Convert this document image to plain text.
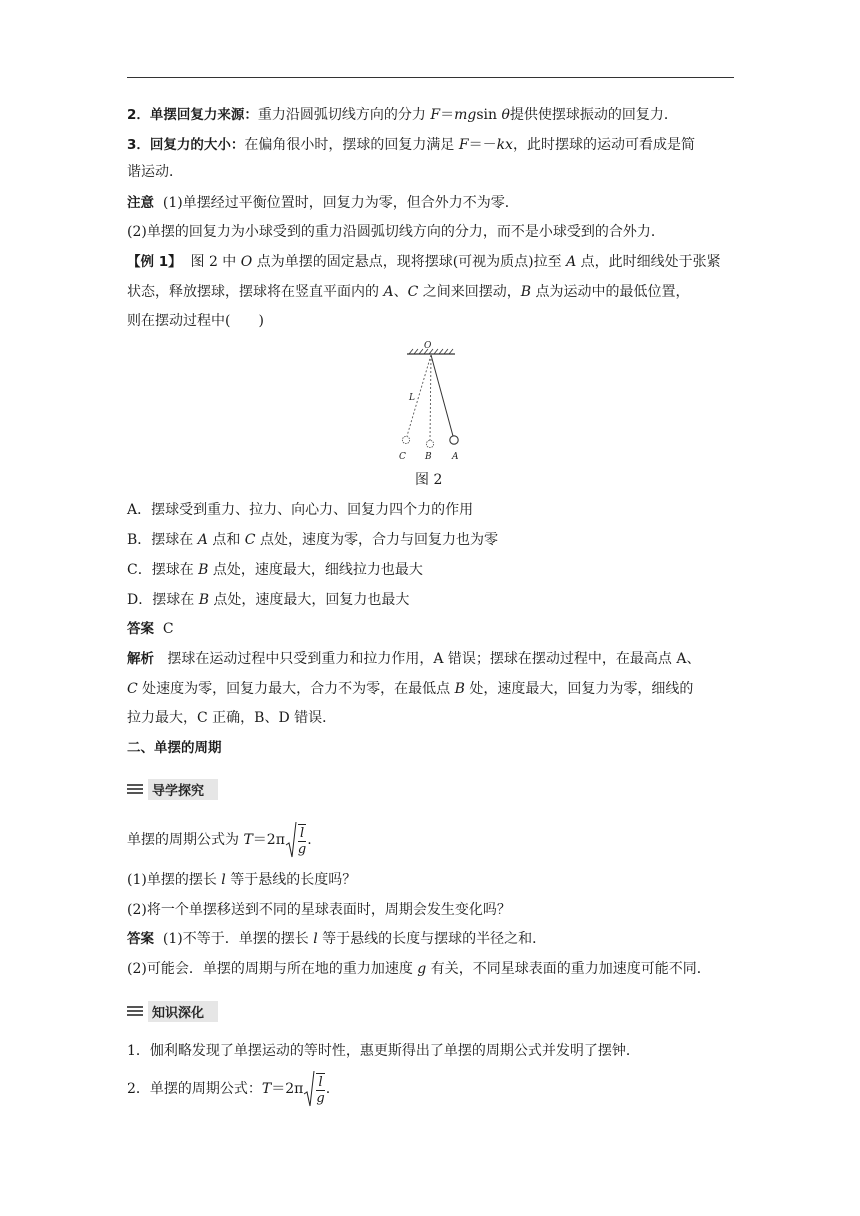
2．单摆回复力来源：重力沿圆弧切线方向的分力 F＝mgsin θ提供使摆球振动的回复力．
3．回复力的大小：在偏角很小时，摆球的回复力满足 F＝－kx，此时摆球的运动可看成是简
谐运动．
注意 (1)单摆经过平衡位置时，回复力为零，但合外力不为零．
(2)单摆的回复力为小球受到的重力沿圆弧切线方向的分力，而不是小球受到的合外力．
【例 1】 图 2 中 O 点为单摆的固定悬点，现将摆球(可视为质点)拉至 A 点，此时细线处于张紧
状态，释放摆球，摆球将在竖直平面内的 A、C 之间来回摆动，B 点为运动中的最低位置，
则在摆动过程中(　　)
O
L
C B A
图 2
A．摆球受到重力、拉力、向心力、回复力四个力的作用
B．摆球在 A 点和 C 点处，速度为零，合力与回复力也为零
C．摆球在 B 点处，速度最大，细线拉力也最大
D．摆球在 B 点处，速度最大，回复力也最大
答案 C
解析 摆球在运动过程中只受到重力和拉力作用，A 错误；摆球在摆动过程中，在最高点 A、
C 处速度为零，回复力最大，合力不为零，在最低点 B 处，速度最大，回复力为零，细线的
拉力最大，C 正确，B、D 错误．
二、单摆的周期
导学探究
单摆的周期公式为 $T=2\pi \frac{l}{g}$ .
(1)单摆的摆长 l 等于悬线的长度吗？
(2)将一个单摆移送到不同的星球表面时，周期会发生变化吗？
答案 (1)不等于．单摆的摆长 l 等于悬线的长度与摆球的半径之和．
(2)可能会．单摆的周期与所在地的重力加速度 g 有关，不同星球表面的重力加速度可能不同．
知识深化
1．伽利略发现了单摆运动的等时性，惠更斯得出了单摆的周期公式并发明了摆钟．
2．单摆的周期公式：$T=2\pi \frac{l}{g}$ .
